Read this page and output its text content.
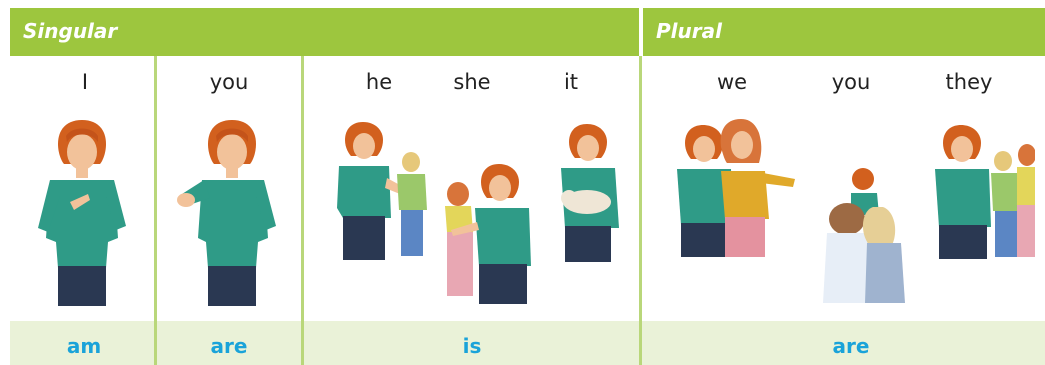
Singular	Plural
I	you	he	she	it	we	you	they
am	are	is	are
